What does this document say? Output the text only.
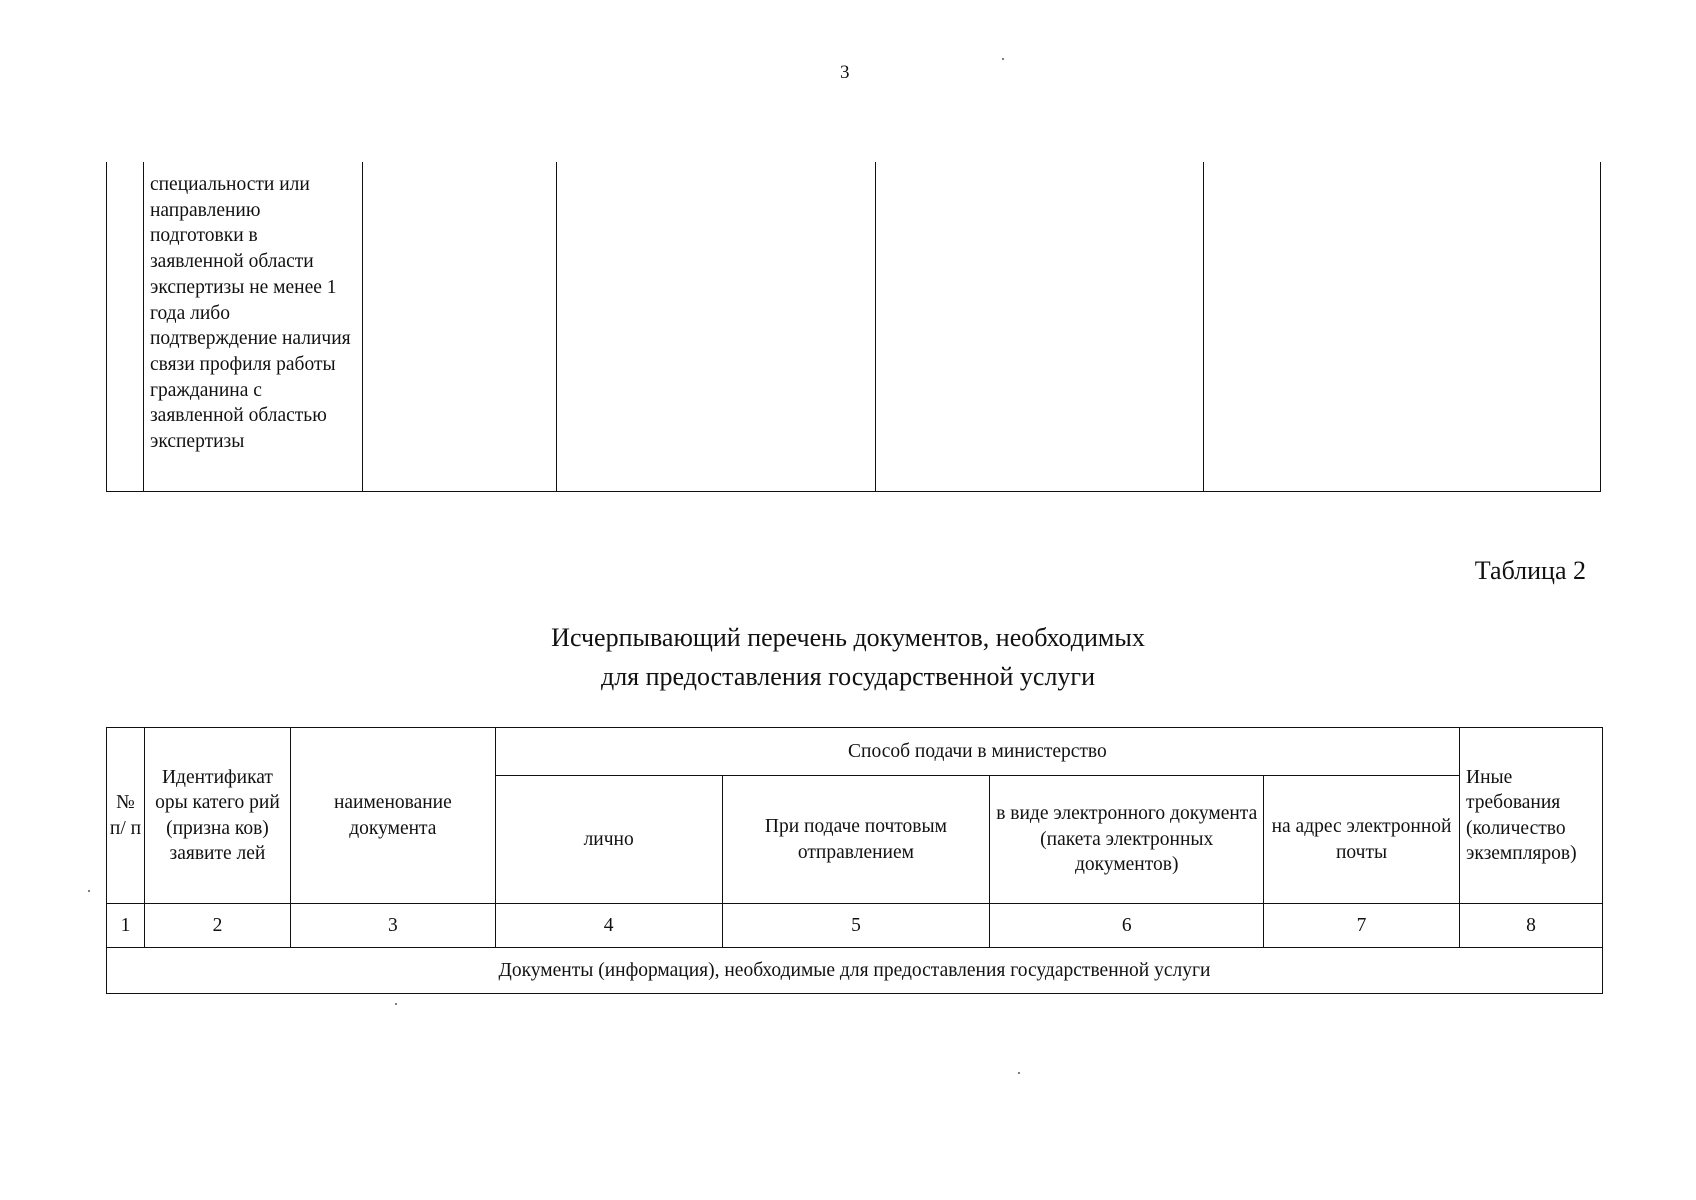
3
	специальности или направлению подготовки в заявленной области экспертизы не менее 1 года либо подтверждение наличия связи профиля работы гражданина с заявленной областью экспертизы				
Таблица 2
Исчерпывающий перечень документов, необходимых
для предоставления государственной услуги
№ п/ п	Идентификат оры катего рий (призна ков) заявите лей	наименование документа	Способ подачи в министерство				Иные требования (количество экземпляров)
			лично	При подаче почтовым отправлением	в виде электронного документа (пакета электронных документов)	на адрес электронной почты	
1	2	3	4	5	6	7	8
Документы (информация), необходимые для предоставления государственной услуги							
